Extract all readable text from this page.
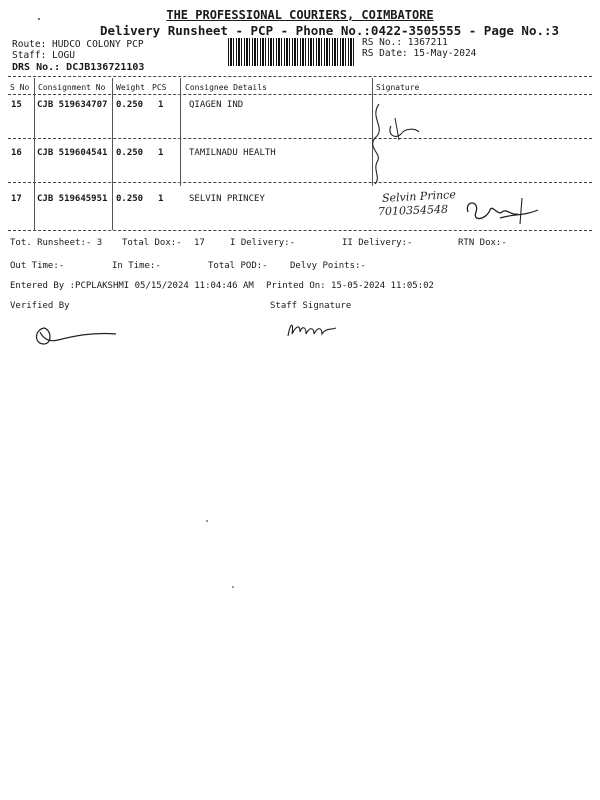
THE PROFESSIONAL COURIERS, COIMBATORE
Delivery Runsheet - PCP - Phone No.:0422-3505555 - Page No.:3
Route: HUDCO COLONY PCP
Staff: LOGU
DRS No.: DCJB136721103
RS No.: 1367211
RS Date: 15-May-2024
S No Consignment No Weight PCS Consignee Details	Signature
15 CJB 519634707 0.250 1	QIAGEN IND
16 CJB 519604541 0.250 1	TAMILNADU HEALTH
17 CJB 519645951 0.250 1	SELVIN PRINCEY	Selvin Prince
7010354548
Tot. Runsheet:- 3 Total Dox:- 17	I Delivery:-	II Delivery:-	RTN Dox:-
Out Time:-	In Time:-	Total POD:- Delvy Points:-
Entered By :PCPLAKSHMI 05/15/2024 11:04:46 AM Printed On: 15-05-2024 11:05:02
Verified By	Staff Signature
